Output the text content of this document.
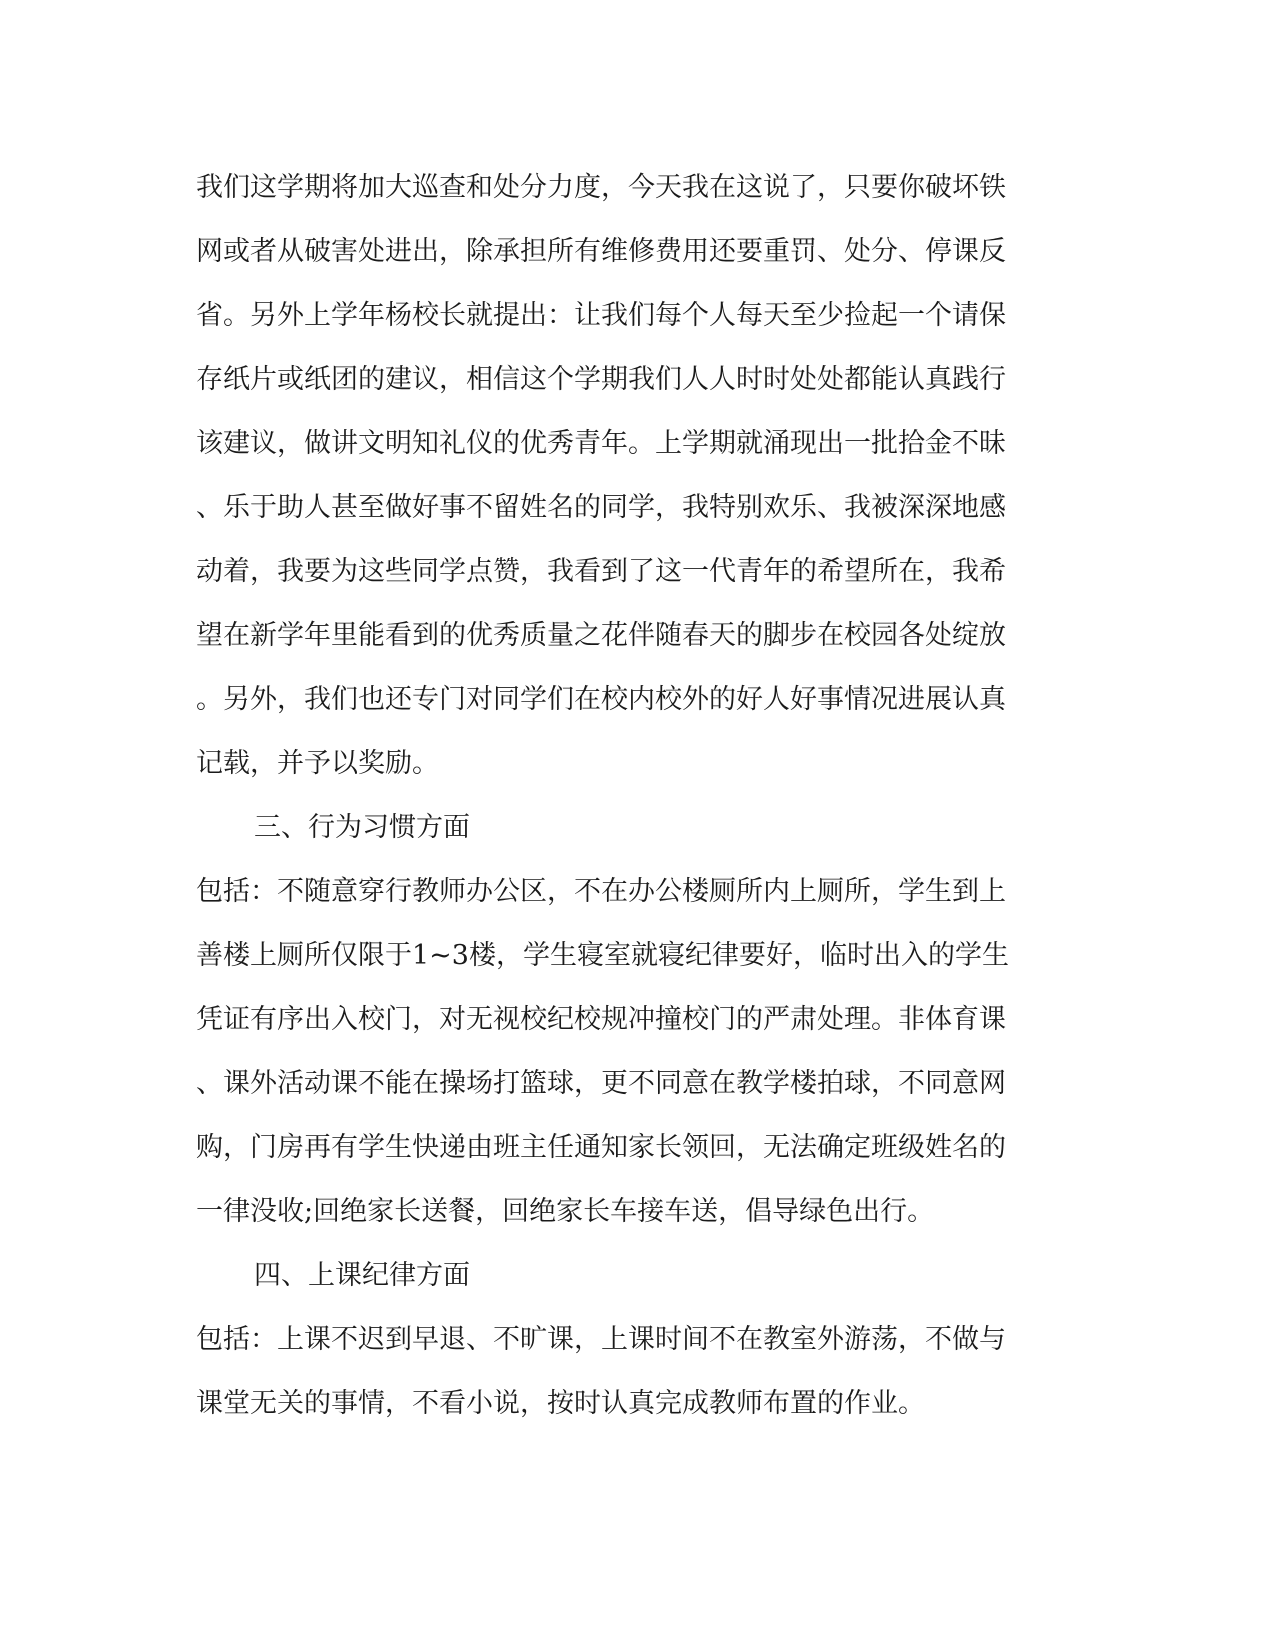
我们这学期将加大巡查和处分力度，今天我在这说了，只要你破坏铁
网或者从破害处进出，除承担所有维修费用还要重罚、处分、停课反
省。另外上学年杨校长就提出：让我们每个人每天至少捡起一个请保
存纸片或纸团的建议，相信这个学期我们人人时时处处都能认真践行
该建议，做讲文明知礼仪的优秀青年。上学期就涌现出一批拾金不昧
、乐于助人甚至做好事不留姓名的同学，我特别欢乐、我被深深地感
动着，我要为这些同学点赞，我看到了这一代青年的希望所在，我希
望在新学年里能看到的优秀质量之花伴随春天的脚步在校园各处绽放
。另外，我们也还专门对同学们在校内校外的好人好事情况进展认真
记载，并予以奖励。
三、行为习惯方面
包括：不随意穿行教师办公区，不在办公楼厕所内上厕所，学生到上
善楼上厕所仅限于1~3楼，学生寝室就寝纪律要好，临时出入的学生
凭证有序出入校门，对无视校纪校规冲撞校门的严肃处理。非体育课
、课外活动课不能在操场打篮球，更不同意在教学楼拍球，不同意网
购，门房再有学生快递由班主任通知家长领回，无法确定班级姓名的
一律没收;回绝家长送餐，回绝家长车接车送，倡导绿色出行。
四、上课纪律方面
包括：上课不迟到早退、不旷课，上课时间不在教室外游荡，不做与
课堂无关的事情，不看小说，按时认真完成教师布置的作业。
